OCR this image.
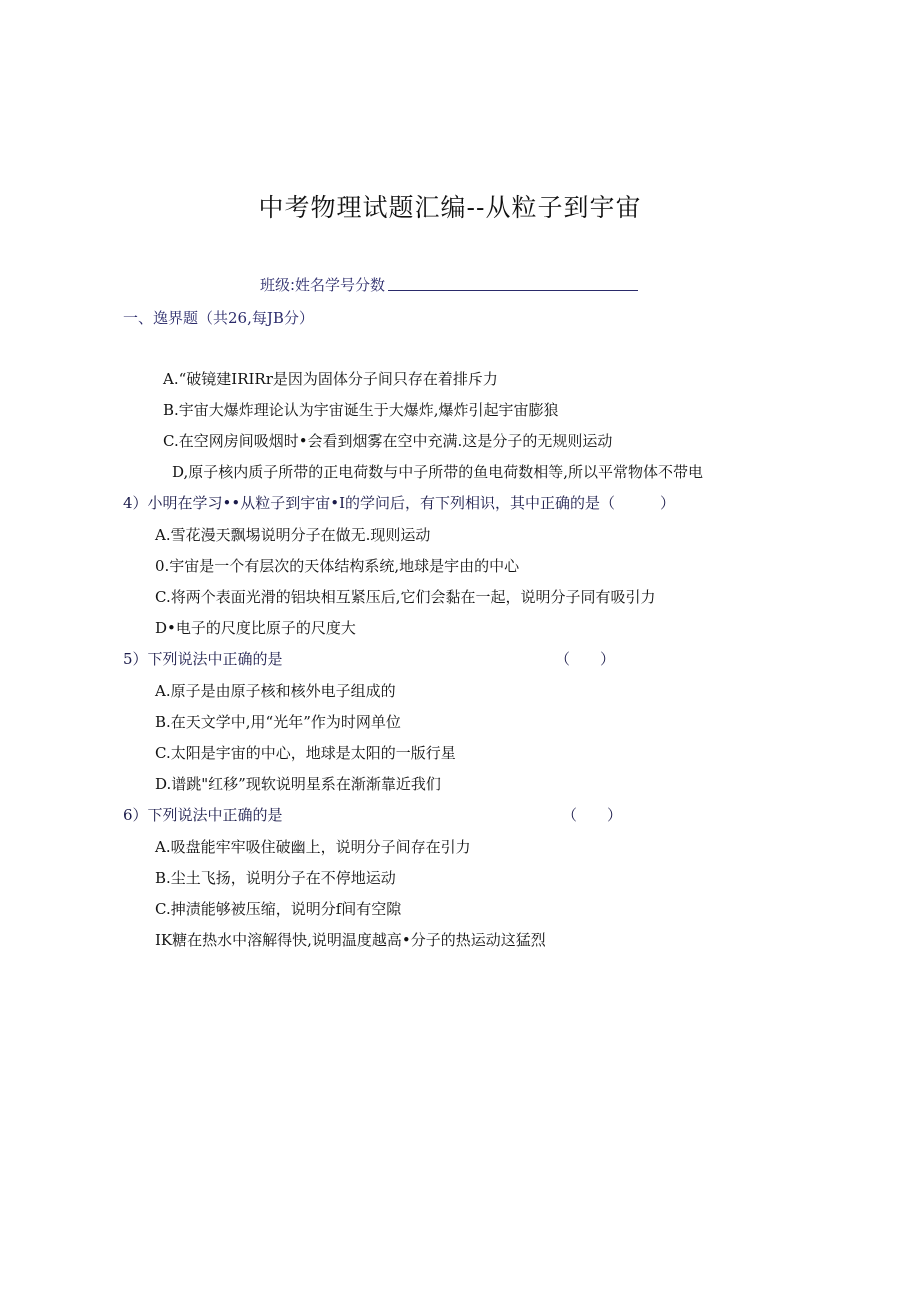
中考物理试题汇编--从粒子到宇宙
班级:姓名学号分数
一、逸界题（共26,每JB分）
A.“破镜建IRIRr是因为固体分子间只存在着排斥力
B.宇宙大爆炸理论认为宇宙诞生于大爆炸,爆炸引起宇宙膨狼
C.在空网房间吸烟时•会看到烟雾在空中充满.这是分子的无规则运动
D,原子核内质子所带的正电荷数与中子所带的鱼电荷数相等,所以平常物体不带电
4）小明在学习••从粒子到宇宙•I的学问后，有下列相识，其中正确的是（	）
A.雪花漫天飘埸说明分子在做无.现则运动
0.宇宙是一个有层次的天体结构系统,地球是宇由的中心
C.将两个表面光滑的铝块相互紧压后,它们会黏在一起，说明分子同有吸引力
D•电子的尺度比原子的尺度大
5）下列说法中正确的是	（　　）
A.原子是由原子核和核外电子组成的
B.在天文学中,用“光年”作为时网单位
C.太阳是宇宙的中心，地球是太阳的一版行星
D.谱跳"红移”现软说明星系在渐渐靠近我们
6）下列说法中正确的是	（　　）
A.吸盘能牢牢吸住破幽上，说明分子间存在引力
B.尘土飞扬，说明分子在不停地运动
C.抻渍能够被压缩，说明分f间有空隙
IK糖在热水中溶解得快,说明温度越高•分子的热运动这猛烈
